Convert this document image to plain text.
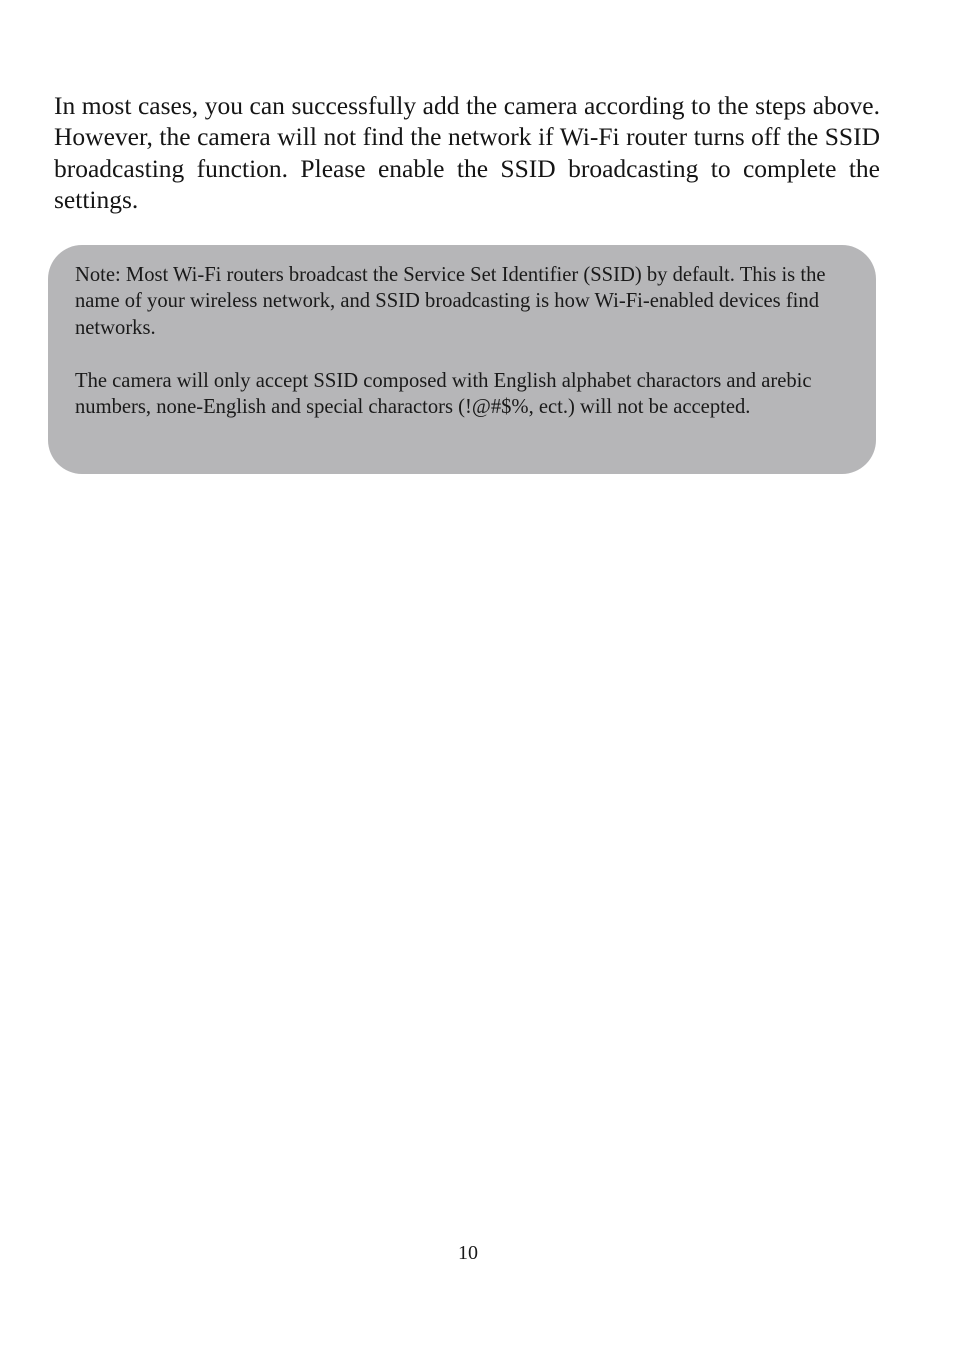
In most cases, you can successfully add the camera according to the steps above. However, the camera will not find the network if Wi-Fi router turns off the SSID broadcasting function. Please enable the SSID broadcasting to complete the settings.

Note: Most Wi-Fi routers broadcast the Service Set Identifier (SSID) by default. This is the name of your wireless network, and SSID broadcasting is how Wi-Fi-enabled devices find networks.

The camera will only accept SSID composed with English alphabet charactors and arebic numbers, none-English and special charactors (!@#$%, ect.) will not be accepted.

10
